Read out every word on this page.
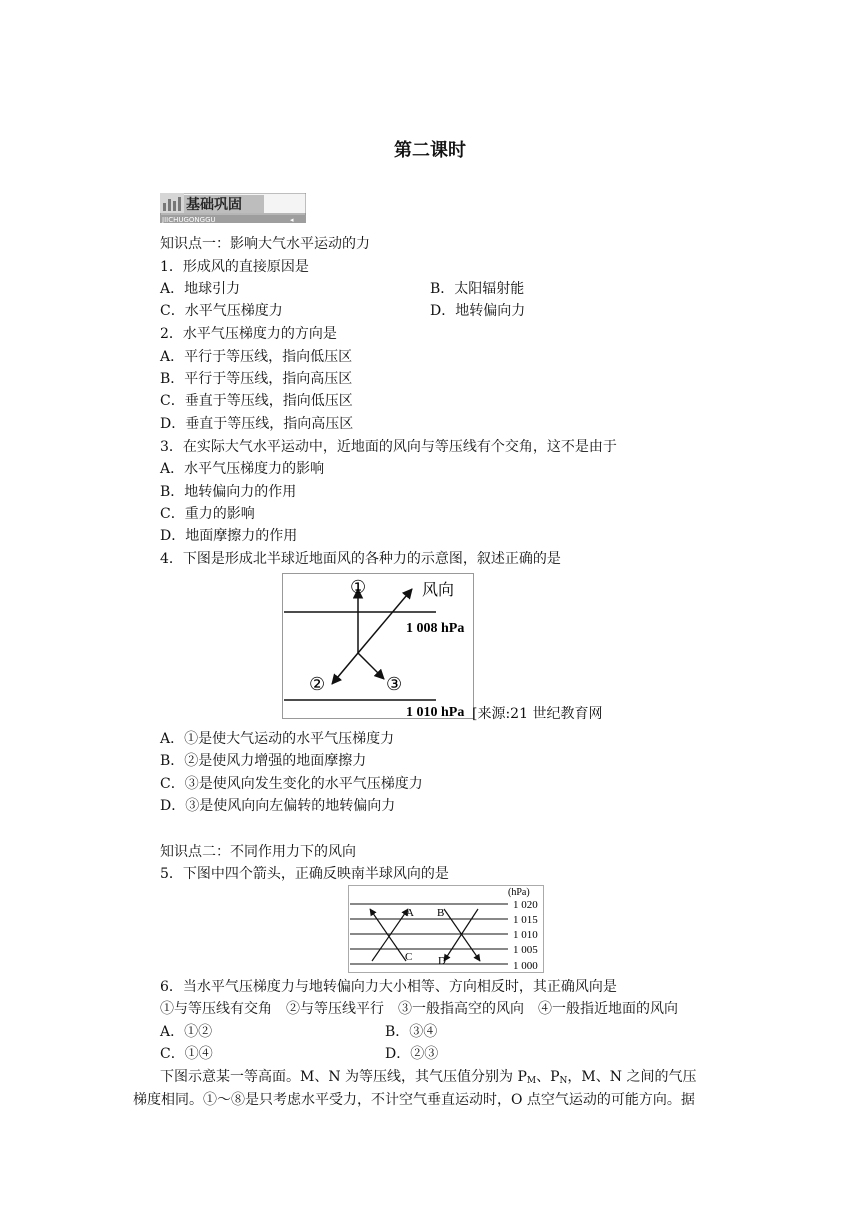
第二课时
基础巩固
JIICHUGONGGU	◂
知识点一：影响大气水平运动的力
1．形成风的直接原因是
A．地球引力	B．太阳辐射能
C．水平气压梯度力	D．地转偏向力
2．水平气压梯度力的方向是
A．平行于等压线，指向低压区
B．平行于等压线，指向高压区
C．垂直于等压线，指向低压区
D．垂直于等压线，指向高压区
3．在实际大气水平运动中，近地面的风向与等压线有个交角，这不是由于
A．水平气压梯度力的影响
B．地转偏向力的作用
C．重力的影响
D．地面摩擦力的作用
4．下图是形成北半球近地面风的各种力的示意图，叙述正确的是
①	风向
1 008 hPa
②	③
1 010 hPa [来源:21 世纪教育网
A．①是使大气运动的水平气压梯度力
B．②是使风力增强的地面摩擦力
C．③是使风向发生变化的水平气压梯度力
D．③是使风向向左偏转的地转偏向力
知识点二：不同作用力下的风向
5．下图中四个箭头，正确反映南半球风向的是
(hPa)
1 020
1 015
1 010
1 005
1 000
A B
C D
6．当水平气压梯度力与地转偏向力大小相等、方向相反时，其正确风向是
①与等压线有交角　②与等压线平行　③一般指高空的风向　④一般指近地面的风向
A．①②	B．③④
C．①④	D．②③
下图示意某一等高面。M、N 为等压线，其气压值分别为 $P_M$、$P_N$，M、N 之间的气压
梯度相同。①～⑧是只考虑水平受力，不计空气垂直运动时，O 点空气运动的可能方向。据
